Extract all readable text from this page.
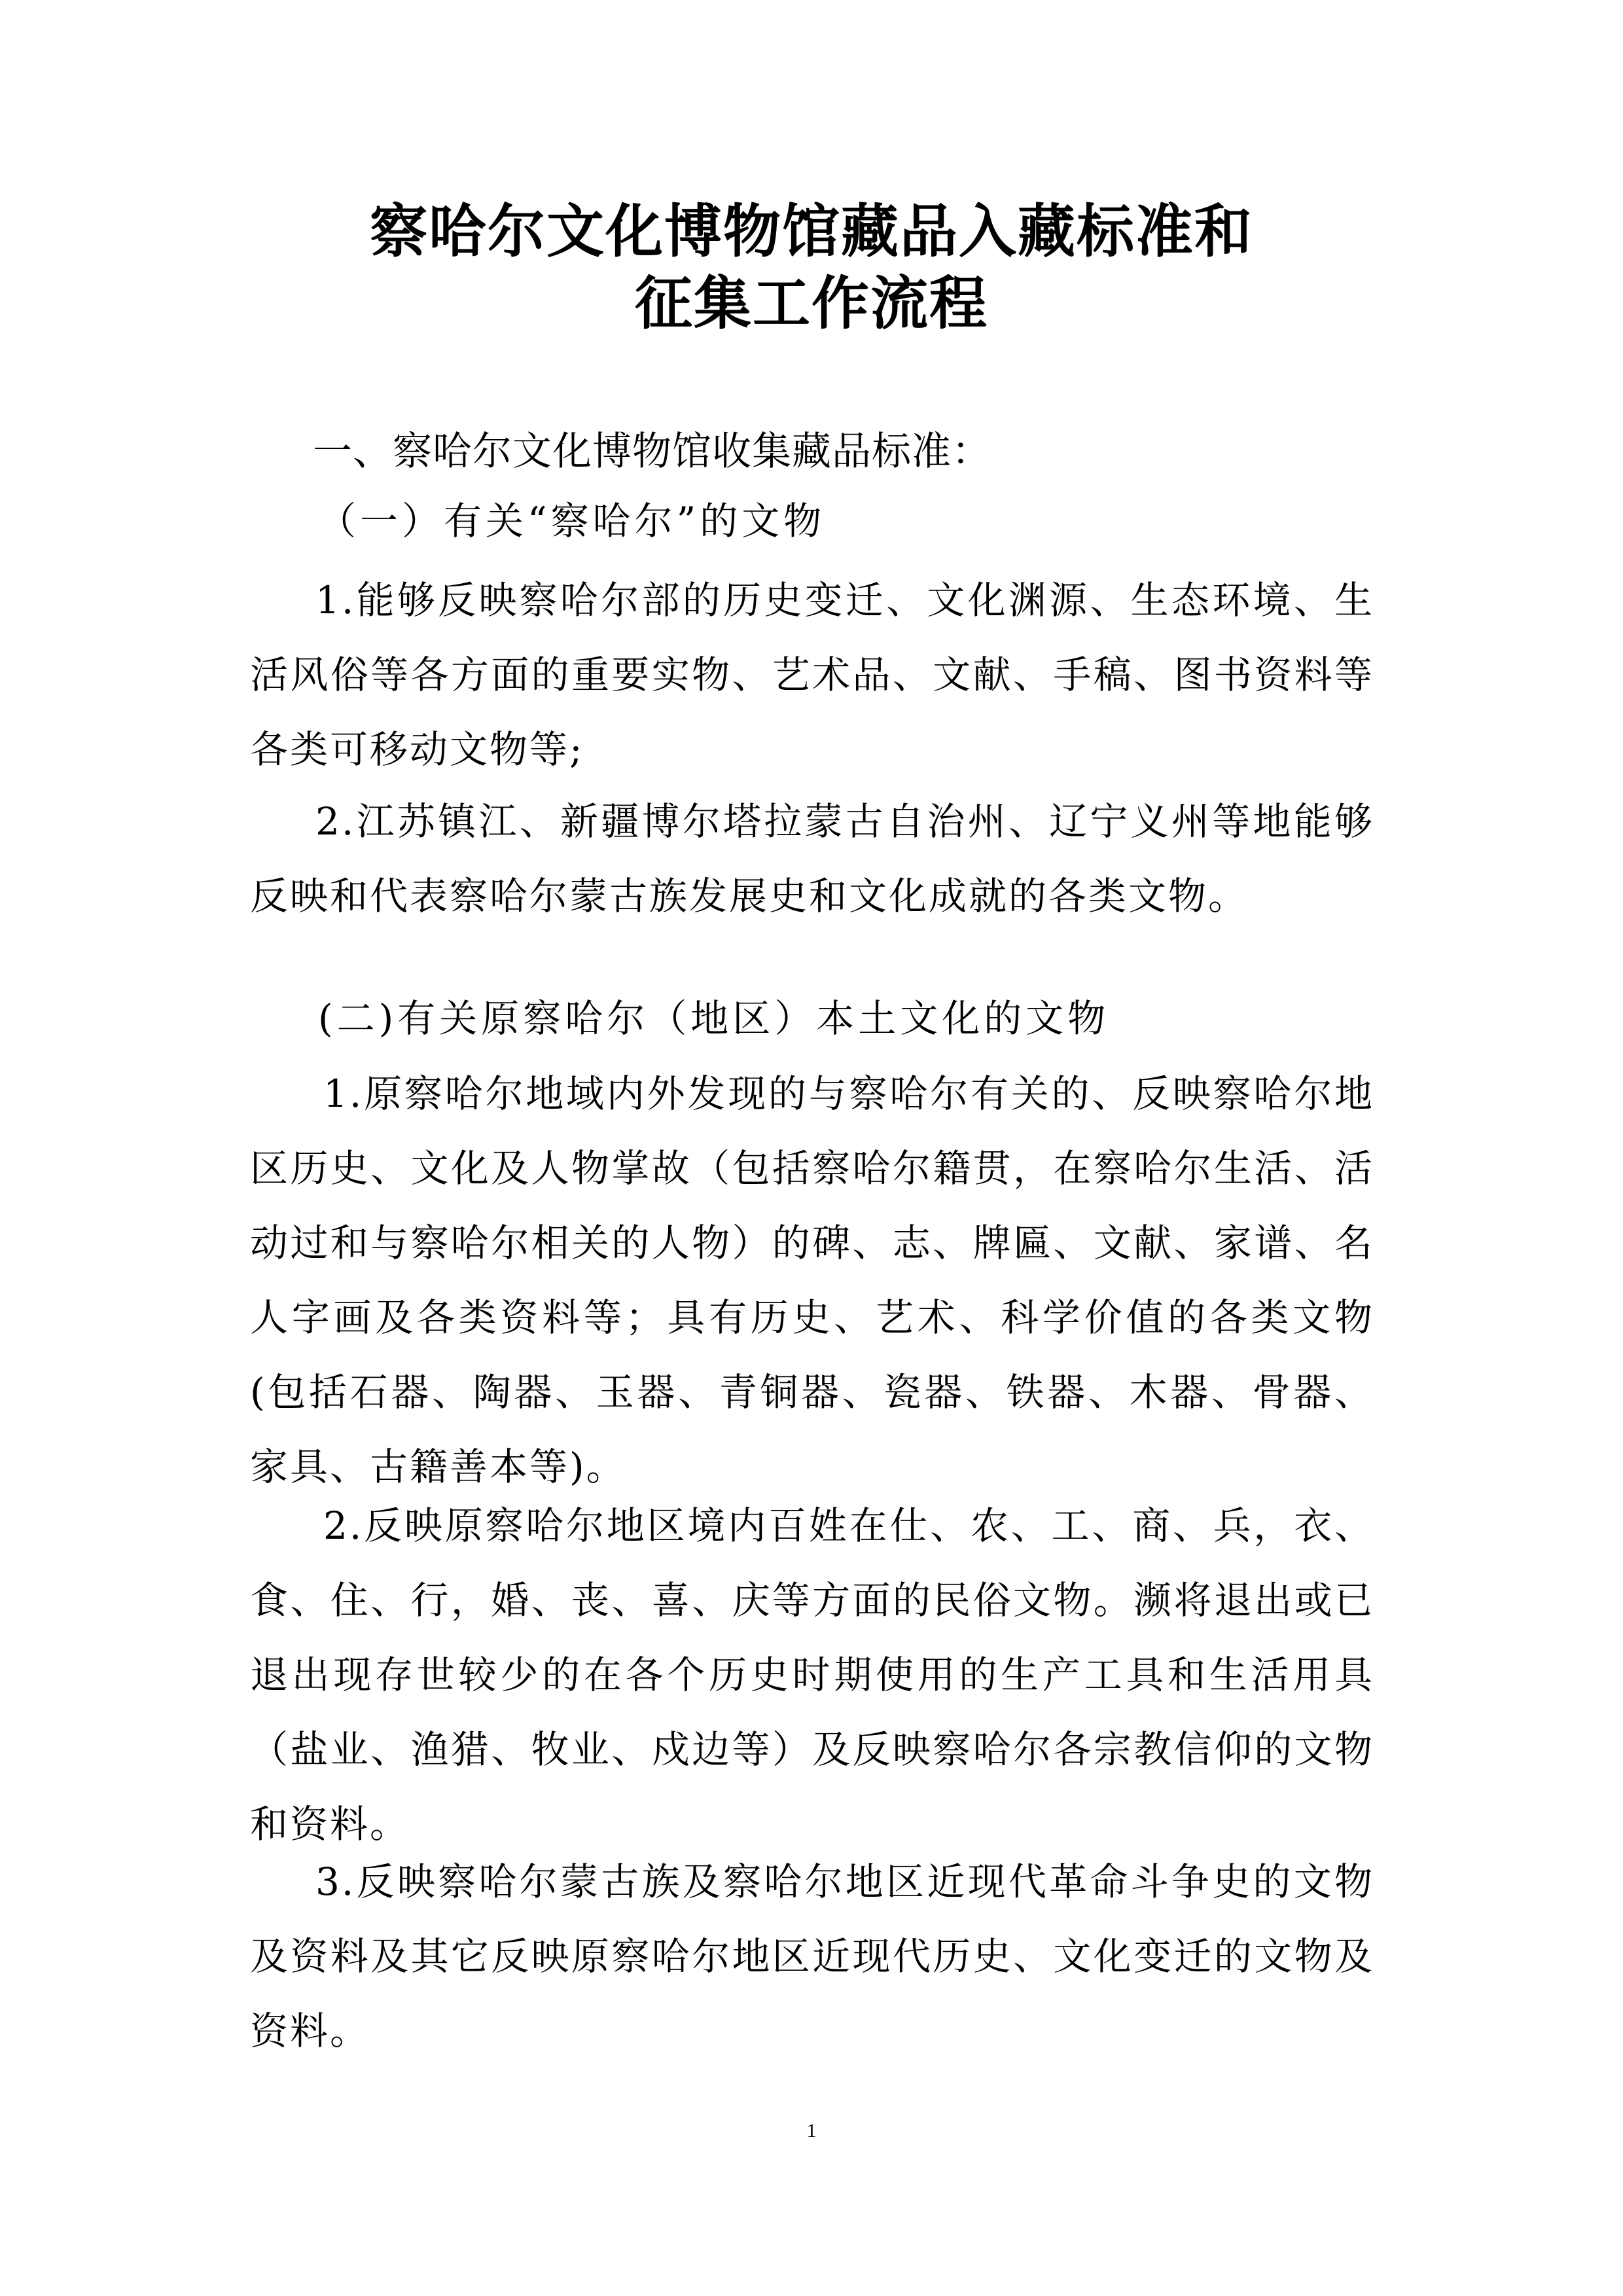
察哈尔文化博物馆藏品入藏标准和
征集工作流程
一、察哈尔文化博物馆收集藏品标准：
（一）有关“察哈尔”的文物
1.能够反映察哈尔部的历史变迁、文化渊源、生态环境、生活风俗等各方面的重要实物、艺术品、文献、手稿、图书资料等各类可移动文物等;
2.江苏镇江、新疆博尔塔拉蒙古自治州、辽宁义州等地能够反映和代表察哈尔蒙古族发展史和文化成就的各类文物。
(二)有关原察哈尔（地区）本土文化的文物
1.原察哈尔地域内外发现的与察哈尔有关的、反映察哈尔地区历史、文化及人物掌故（包括察哈尔籍贯，在察哈尔生活、活动过和与察哈尔相关的人物）的碑、志、牌匾、文献、家谱、名人字画及各类资料等；具有历史、艺术、科学价值的各类文物(包括石器、陶器、玉器、青铜器、瓷器、铁器、木器、骨器、家具、古籍善本等)。
2.反映原察哈尔地区境内百姓在仕、农、工、商、兵，衣、食、住、行，婚、丧、喜、庆等方面的民俗文物。濒将退出或已退出现存世较少的在各个历史时期使用的生产工具和生活用具（盐业、渔猎、牧业、戍边等）及反映察哈尔各宗教信仰的文物和资料。
3.反映察哈尔蒙古族及察哈尔地区近现代革命斗争史的文物及资料及其它反映原察哈尔地区近现代历史、文化变迁的文物及资料。
1
